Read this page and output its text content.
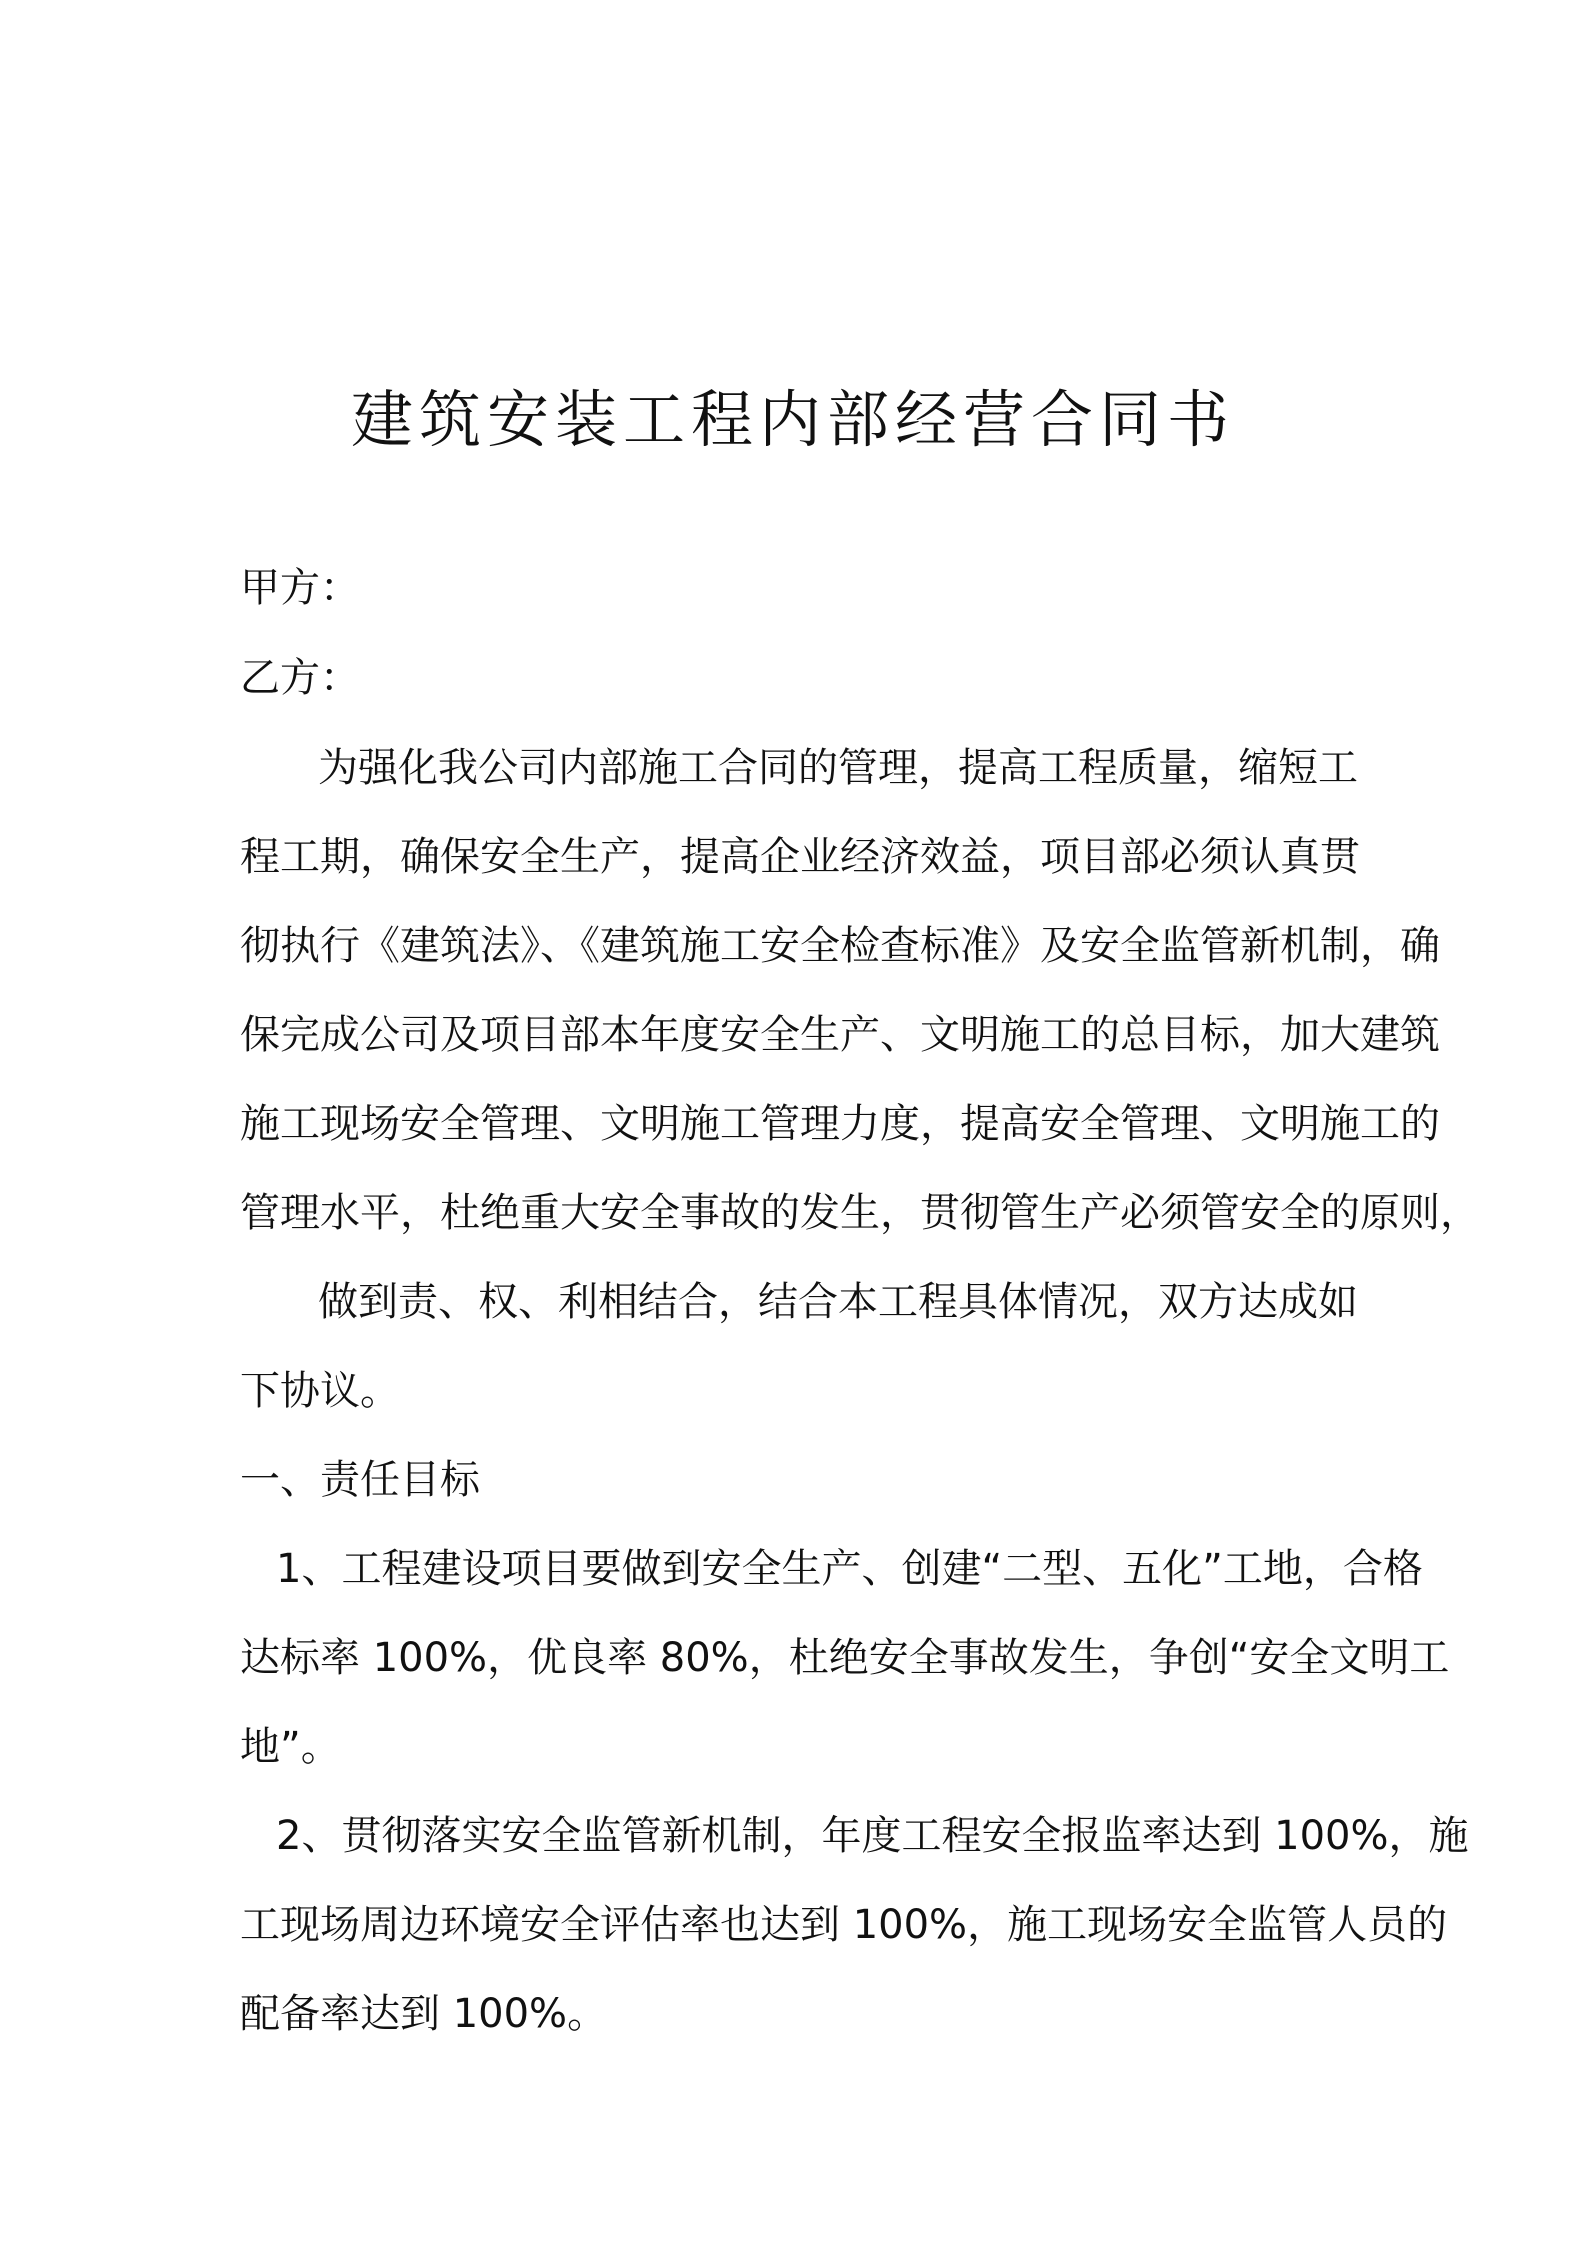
建筑安装工程内部经营合同书

甲方：

乙方：

为强化我公司内部施工合同的管理，提高工程质量，缩短工

程工期，确保安全生产，提高企业经济效益，项目部必须认真贯

彻执行《建筑法》、《建筑施工安全检查标准》及安全监管新机制，确

保完成公司及项目部本年度安全生产、文明施工的总目标，加大建筑

施工现场安全管理、文明施工管理力度，提高安全管理、文明施工的

管理水平，杜绝重大安全事故的发生，贯彻管生产必须管安全的原则，

做到责、权、利相结合，结合本工程具体情况，双方达成如

下协议。

一、责任目标

1、工程建设项目要做到安全生产、创建“二型、五化”工地，合格

达标率 100%，优良率 80%，杜绝安全事故发生，争创“安全文明工

地”。

2、贯彻落实安全监管新机制，年度工程安全报监率达到 100%，施

工现场周边环境安全评估率也达到 100%，施工现场安全监管人员的

配备率达到 100%。
